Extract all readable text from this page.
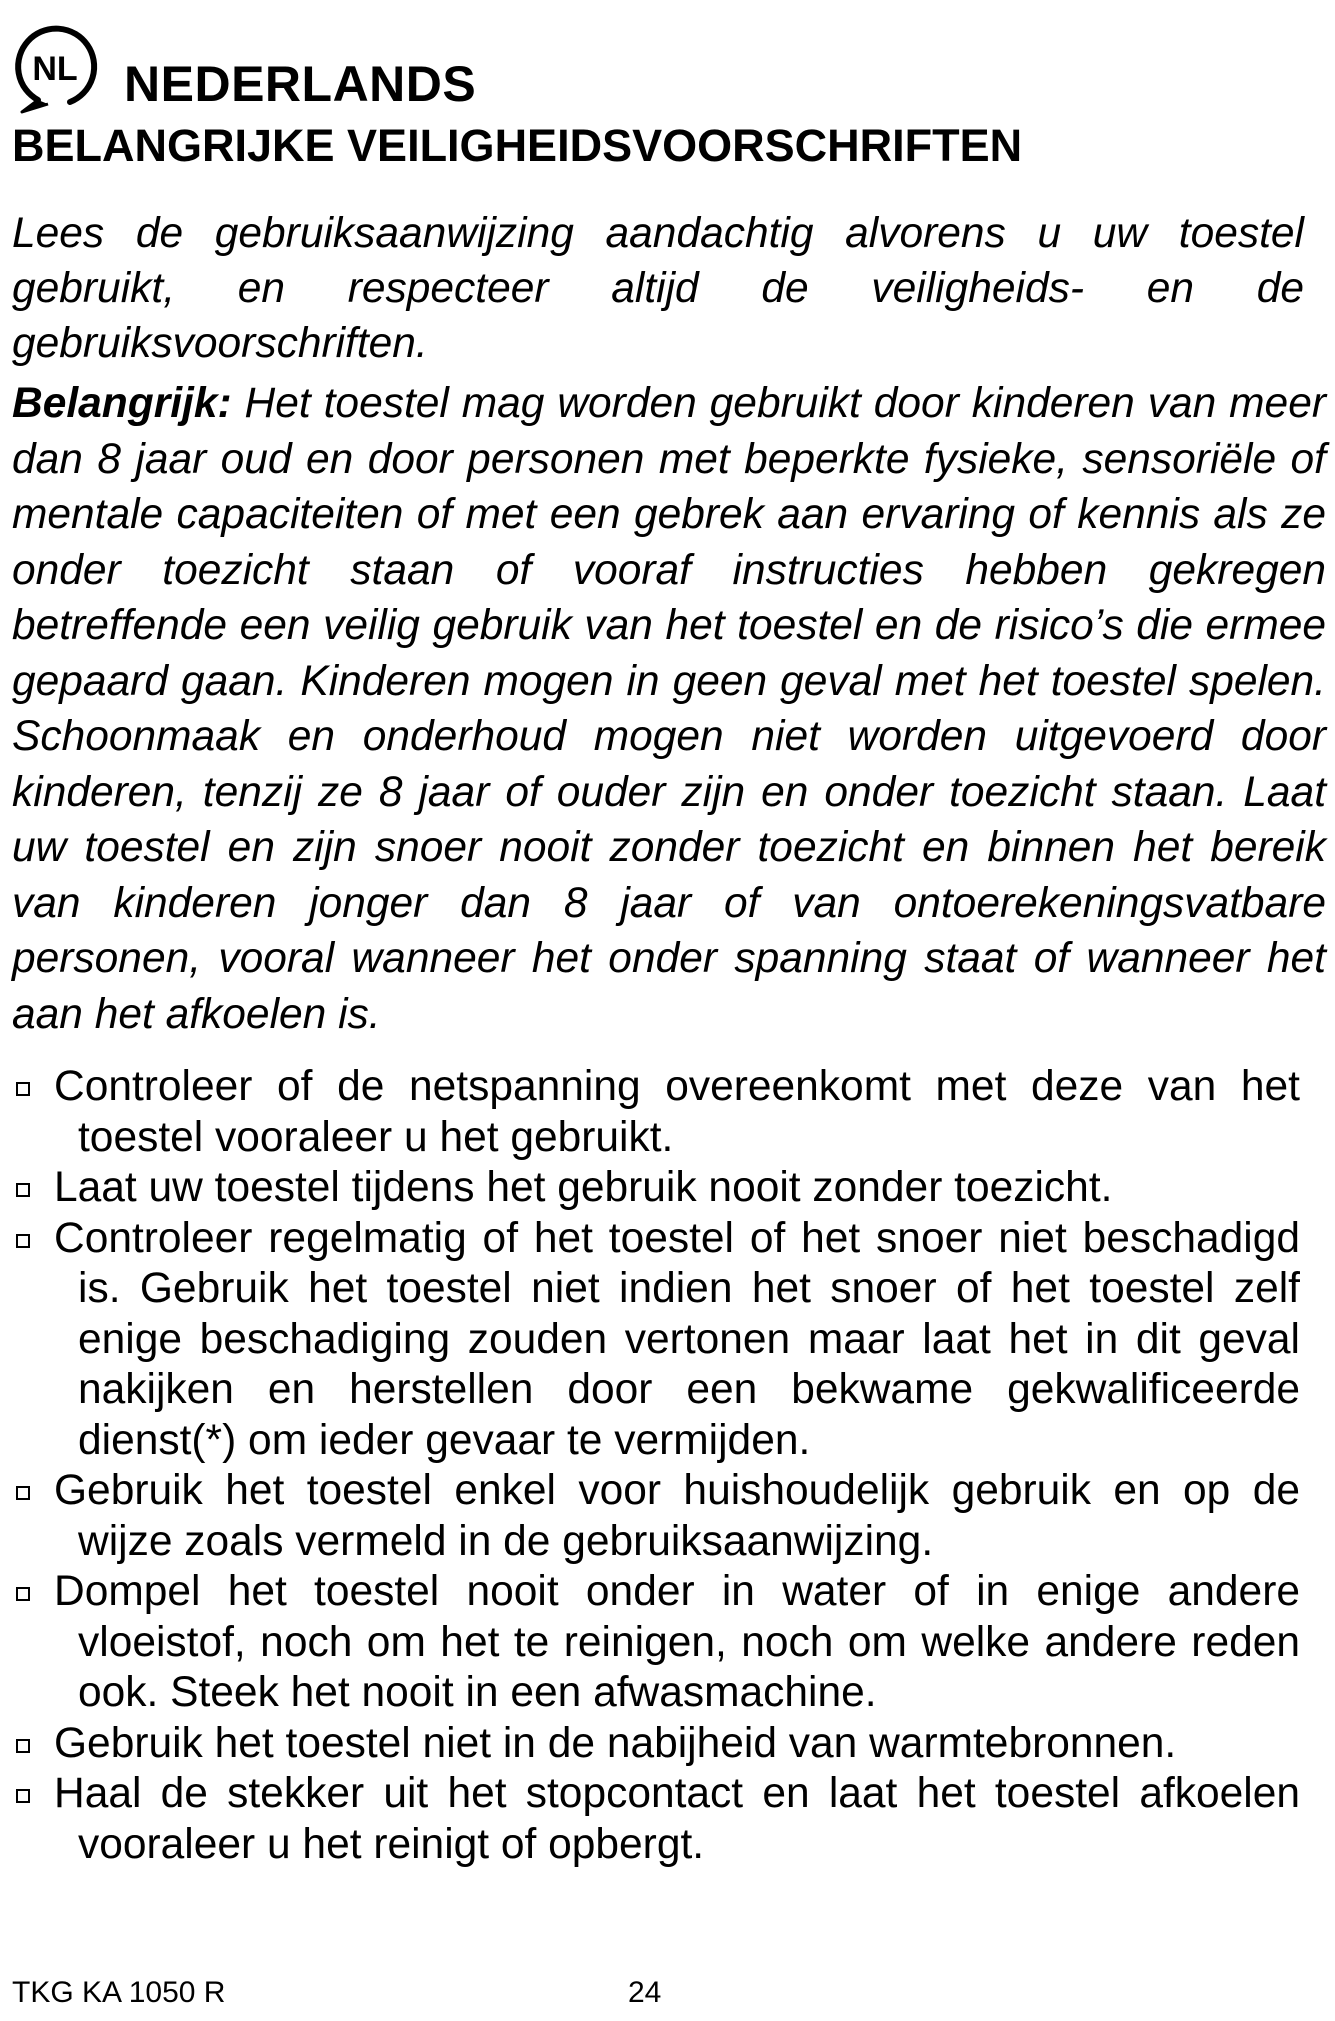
NL NEDERLANDS
BELANGRIJKE VEILIGHEIDSVOORSCHRIFTEN

Lees de gebruiksaanwijzing aandachtig alvorens u uw toestel gebruikt, en respecteer altijd de veiligheids- en de gebruiksvoorschriften.

Belangrijk: Het toestel mag worden gebruikt door kinderen van meer dan 8 jaar oud en door personen met beperkte fysieke, sensoriële of mentale capaciteiten of met een gebrek aan ervaring of kennis als ze onder toezicht staan of vooraf instructies hebben gekregen betreffende een veilig gebruik van het toestel en de risico’s die ermee gepaard gaan. Kinderen mogen in geen geval met het toestel spelen. Schoonmaak en onderhoud mogen niet worden uitgevoerd door kinderen, tenzij ze 8 jaar of ouder zijn en onder toezicht staan. Laat uw toestel en zijn snoer nooit zonder toezicht en binnen het bereik van kinderen jonger dan 8 jaar of van ontoerekeningsvatbare personen, vooral wanneer het onder spanning staat of wanneer het aan het afkoelen is.

Controleer of de netspanning overeenkomt met deze van het toestel vooraleer u het gebruikt.
Laat uw toestel tijdens het gebruik nooit zonder toezicht.
Controleer regelmatig of het toestel of het snoer niet beschadigd is. Gebruik het toestel niet indien het snoer of het toestel zelf enige beschadiging zouden vertonen maar laat het in dit geval nakijken en herstellen door een bekwame gekwalificeerde dienst(*) om ieder gevaar te vermijden.
Gebruik het toestel enkel voor huishoudelijk gebruik en op de wijze zoals vermeld in de gebruiksaanwijzing.
Dompel het toestel nooit onder in water of in enige andere vloeistof, noch om het te reinigen, noch om welke andere reden ook. Steek het nooit in een afwasmachine.
Gebruik het toestel niet in de nabijheid van warmtebronnen.
Haal de stekker uit het stopcontact en laat het toestel afkoelen vooraleer u het reinigt of opbergt.
TKG KA 1050 R	24
